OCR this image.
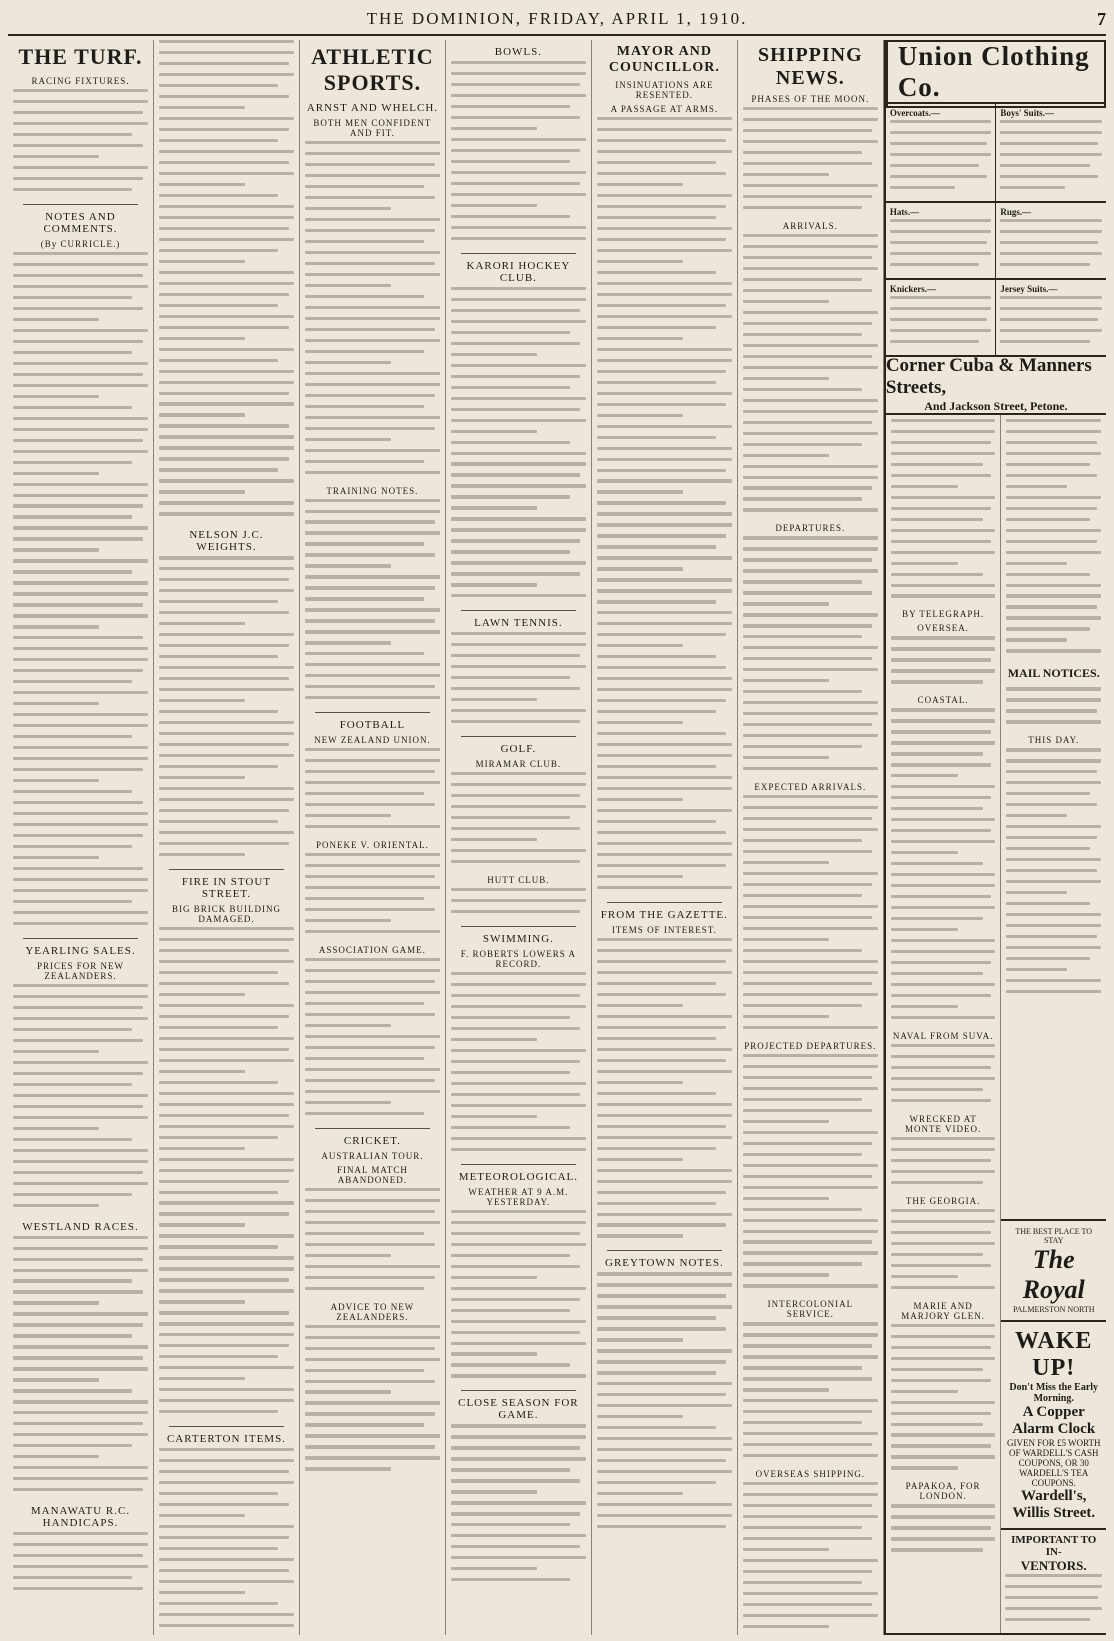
THE DOMINION, FRIDAY, APRIL 1, 1910.	7
THE TURF.
RACING FIXTURES.
NOTES AND COMMENTS.
(By CURRICLE.)
YEARLING SALES.
PRICES FOR NEW ZEALANDERS.
WESTLAND RACES.
MANAWATU R.C. HANDICAPS.
NELSON J.C. WEIGHTS.
FIRE IN STOUT STREET.
BIG BRICK BUILDING DAMAGED.
CARTERTON ITEMS.
ATHLETIC SPORTS.
ARNST AND WHELCH.
BOTH MEN CONFIDENT AND FIT.
TRAINING NOTES.
FOOTBALL
NEW ZEALAND UNION.
PONEKE V. ORIENTAL.
ASSOCIATION GAME.
CRICKET.
AUSTRALIAN TOUR.
FINAL MATCH ABANDONED.
ADVICE TO NEW ZEALANDERS.
BOWLS.
KARORI HOCKEY CLUB.
LAWN TENNIS.
GOLF.
MIRAMAR CLUB.
HUTT CLUB.
SWIMMING.
F. ROBERTS LOWERS A RECORD.
METEOROLOGICAL.
WEATHER AT 9 A.M. YESTERDAY.
CLOSE SEASON FOR GAME.
MAYOR AND COUNCILLOR.
INSINUATIONS ARE RESENTED.
A PASSAGE AT ARMS.
FROM THE GAZETTE.
ITEMS OF INTEREST.
GREYTOWN NOTES.
SHIPPING NEWS.
PHASES OF THE MOON.
ARRIVALS.
DEPARTURES.
EXPECTED ARRIVALS.
PROJECTED DEPARTURES.
INTERCOLONIAL SERVICE.
OVERSEAS SHIPPING.
Union Clothing Co.
Overcoats.—	Boys' Suits.—
Hats.—	Rugs.—
Knickers.—	Jersey Suits.—
Corner Cuba & Manners Streets,
And Jackson Street, Petone.
BY TELEGRAPH.
OVERSEA.
COASTAL.
NAVAL FROM SUVA.
WRECKED AT MONTE VIDEO.
THE GEORGIA.
MARIE AND MARJORY GLEN.
PAPAKOA, FOR LONDON.
MAIL NOTICES.
THIS DAY.
THE BEST PLACE TO STAY
The Royal
PALMERSTON NORTH
WAKE UP!
Don't Miss the Early Morning.
A Copper Alarm Clock
GIVEN FOR £5 WORTH OF WARDELL'S CASH COUPONS, OR 30 WARDELL'S TEA COUPONS.
Wardell's, Willis Street.
IMPORTANT TO IN-
VENTORS.
